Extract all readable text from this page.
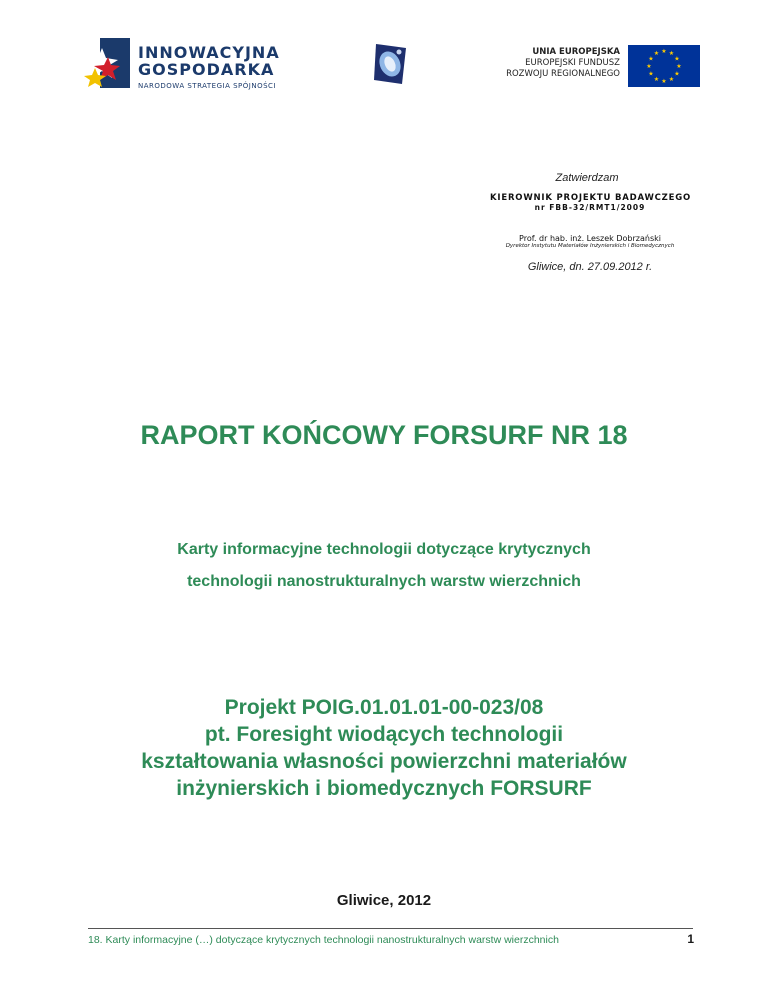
INNOWACYJNA
GOSPODARKA
NARODOWA STRATEGIA SPÓJNOŚCI
UNIA EUROPEJSKA
EUROPEJSKI FUNDUSZ
ROZWOJU REGIONALNEGO
★ ★
★
★
★
★
★
★
★
★
★
★
Zatwierdzam
KIEROWNIK PROJEKTU BADAWCZEGO
nr FBB-32/RMT1/2009
Prof. dr hab. inż. Leszek Dobrzański
Dyrektor Instytutu Materiałów Inżynierskich i Biomedycznych
Gliwice, dn. 27.09.2012 r.
RAPORT KOŃCOWY FORSURF NR 18
Karty informacyjne technologii dotyczące krytycznych
technologii nanostrukturalnych warstw wierzchnich
Projekt POIG.01.01.01-00-023/08
pt. Foresight wiodących technologii
kształtowania własności powierzchni materiałów
inżynierskich i biomedycznych FORSURF
Gliwice, 2012
18. Karty informacyjne (…) dotyczące krytycznych technologii nanostrukturalnych warstw wierzchnich	1
